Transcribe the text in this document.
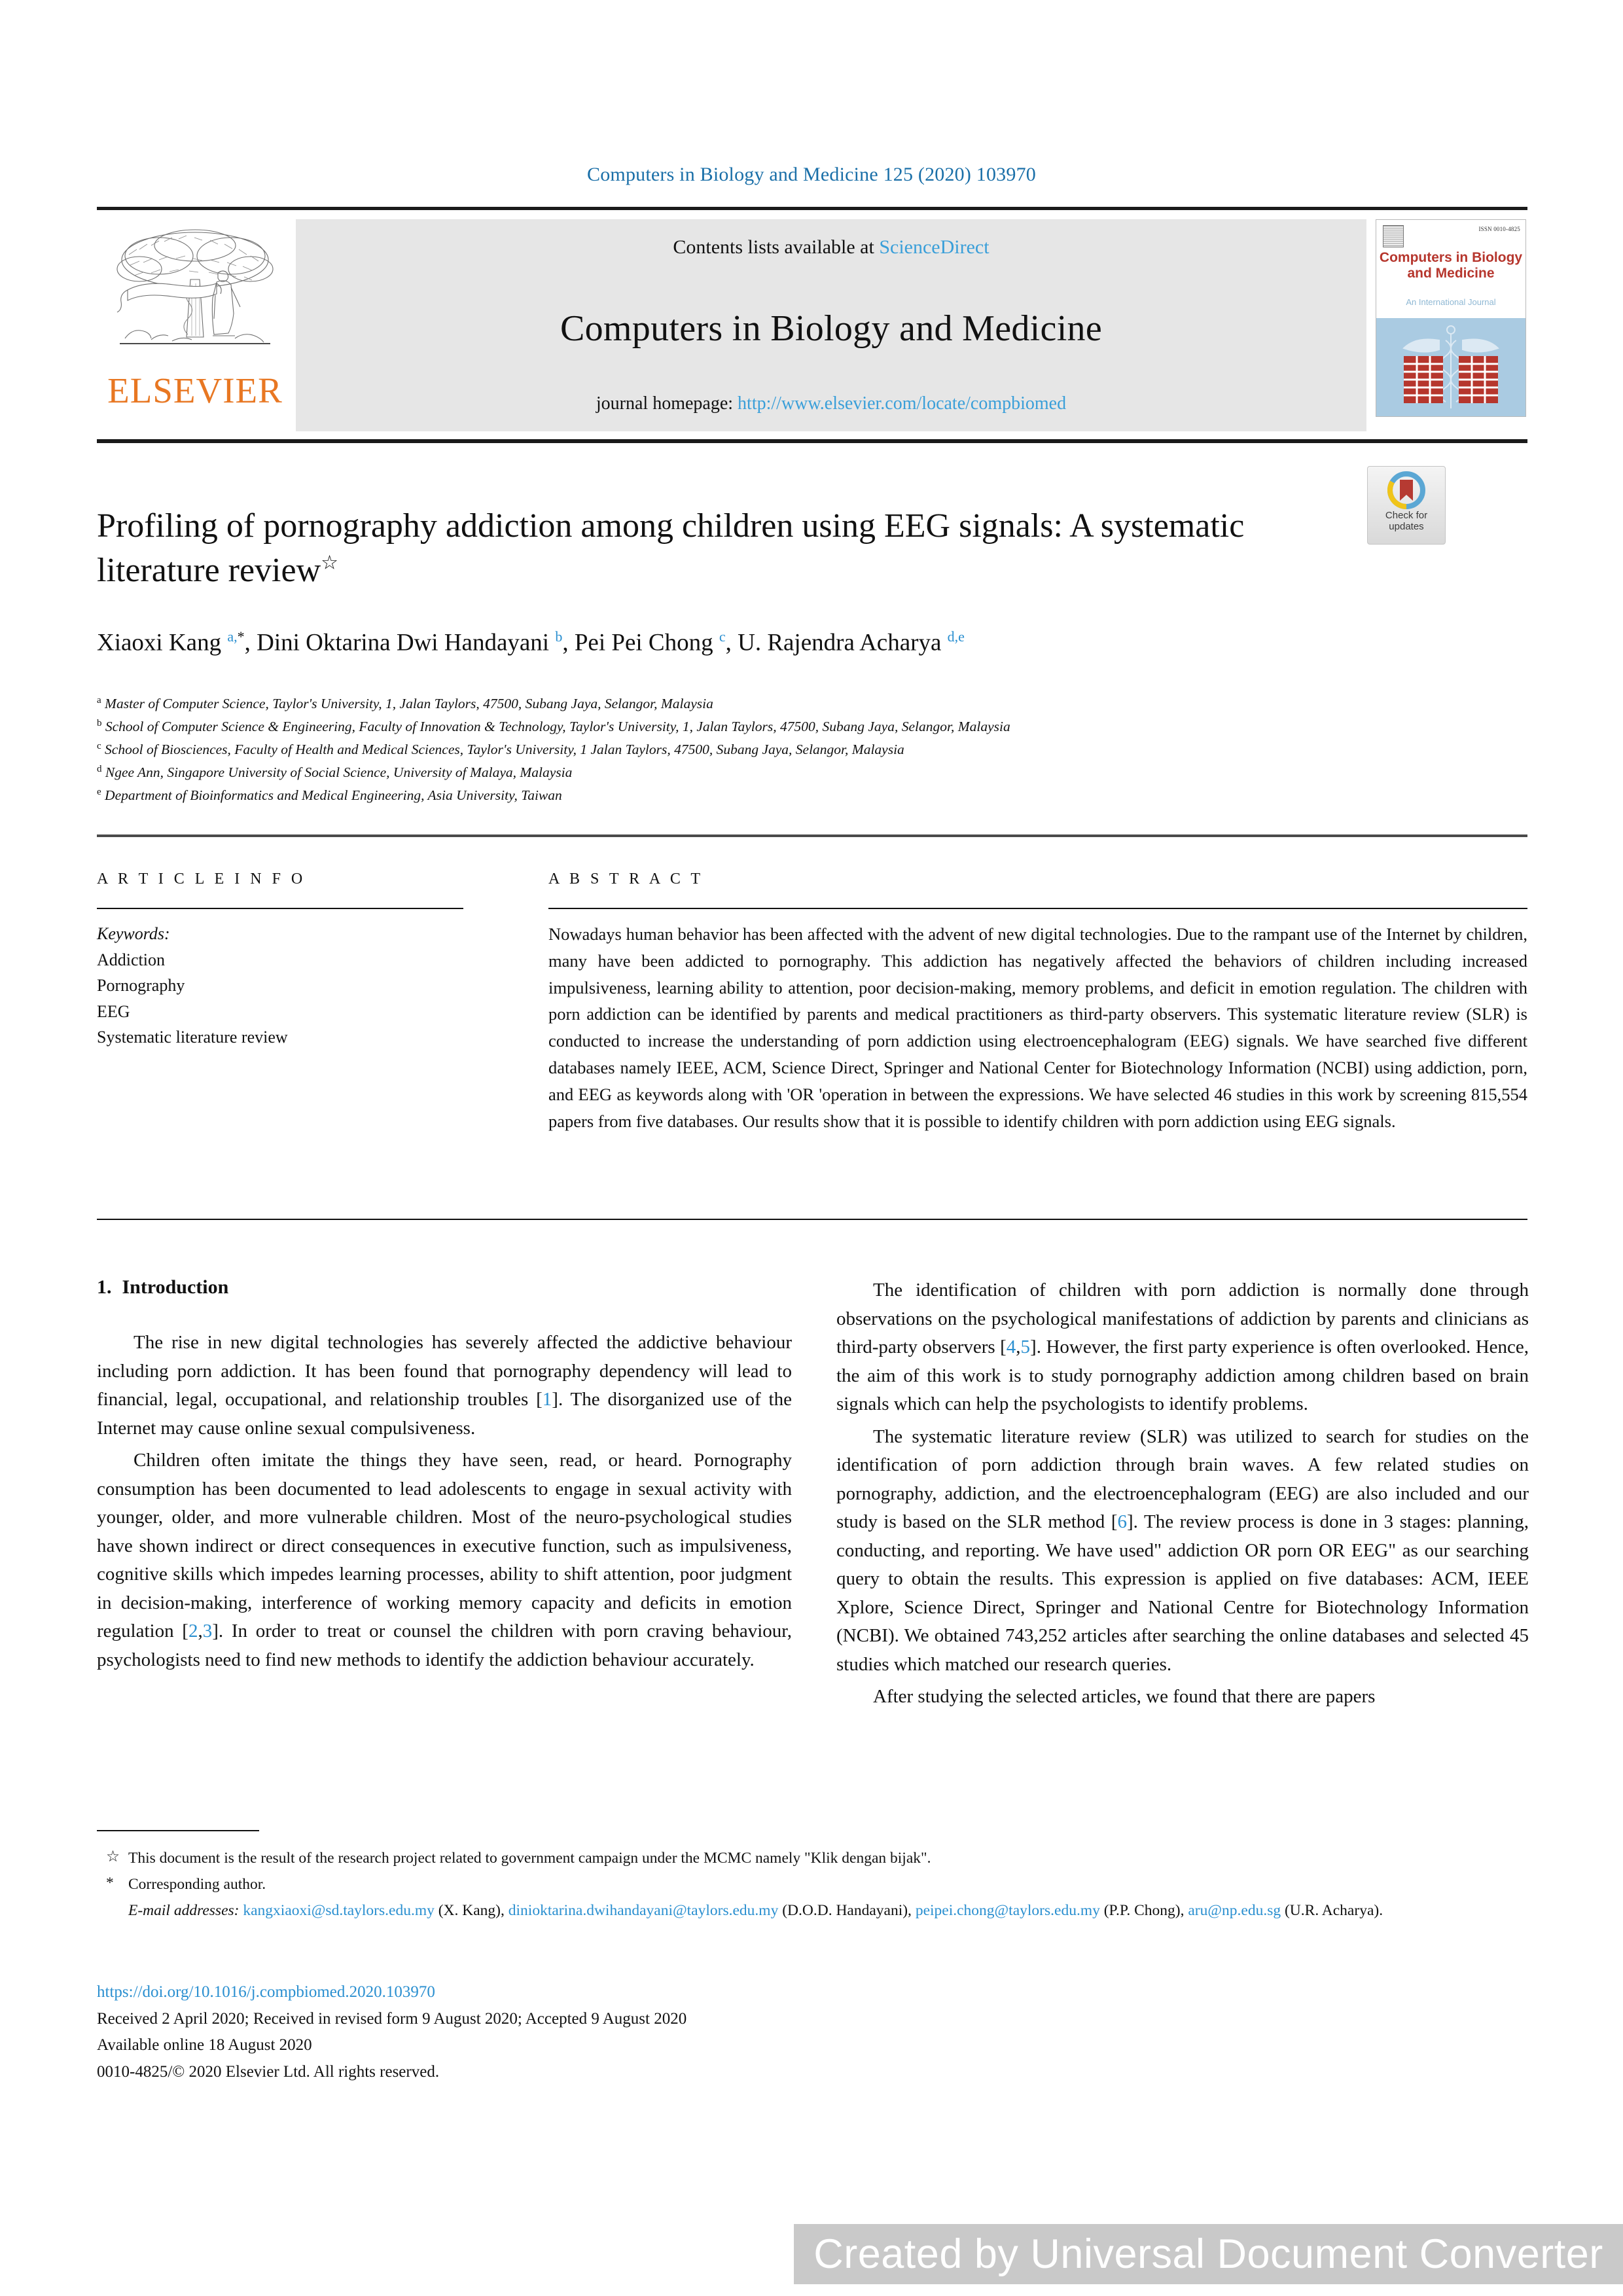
Computers in Biology and Medicine 125 (2020) 103970
ELSEVIER
Contents lists available at ScienceDirect
Computers in Biology and Medicine
journal homepage: http://www.elsevier.com/locate/compbiomed
ISSN 0010-4825
Computers in Biology and Medicine
An International Journal
Check for
updates
Profiling of pornography addiction among children using EEG signals: A systematic literature review☆
Xiaoxi Kang $^{a,*}$, Dini Oktarina Dwi Handayani $^b$, Pei Pei Chong $^c$, U. Rajendra Acharya $^{d,e}$
$^a$ Master of Computer Science, Taylor's University, 1, Jalan Taylors, 47500, Subang Jaya, Selangor, Malaysia
$^b$ School of Computer Science & Engineering, Faculty of Innovation & Technology, Taylor's University, 1, Jalan Taylors, 47500, Subang Jaya, Selangor, Malaysia
$^c$ School of Biosciences, Faculty of Health and Medical Sciences, Taylor's University, 1 Jalan Taylors, 47500, Subang Jaya, Selangor, Malaysia
$^d$ Ngee Ann, Singapore University of Social Science, University of Malaya, Malaysia
$^e$ Department of Bioinformatics and Medical Engineering, Asia University, Taiwan
A R T I C L E I N F O
Keywords:
Addiction
Pornography
EEG
Systematic literature review
A B S T R A C T
Nowadays human behavior has been affected with the advent of new digital technologies. Due to the rampant use of the Internet by children, many have been addicted to pornography. This addiction has negatively affected the behaviors of children including increased impulsiveness, learning ability to attention, poor decision-making, memory problems, and deficit in emotion regulation. The children with porn addiction can be identified by parents and medical practitioners as third-party observers. This systematic literature review (SLR) is conducted to increase the understanding of porn addiction using electroencephalogram (EEG) signals. We have searched five different databases namely IEEE, ACM, Science Direct, Springer and National Center for Biotechnology Information (NCBI) using addiction, porn, and EEG as keywords along with 'OR 'operation in between the expressions. We have selected 46 studies in this work by screening 815,554 papers from five databases. Our results show that it is possible to identify children with porn addiction using EEG signals.
1. Introduction

The rise in new digital technologies has severely affected the addictive behaviour including porn addiction. It has been found that pornography dependency will lead to financial, legal, occupational, and relationship troubles [1]. The disorganized use of the Internet may cause online sexual compulsiveness.

Children often imitate the things they have seen, read, or heard. Pornography consumption has been documented to lead adolescents to engage in sexual activity with younger, older, and more vulnerable children. Most of the neuro-psychological studies have shown indirect or direct consequences in executive function, such as impulsiveness, cognitive skills which impedes learning processes, ability to shift attention, poor judgment in decision-making, interference of working memory capacity and deficits in emotion regulation [2,3]. In order to treat or counsel the children with porn craving behaviour, psychologists need to find new methods to identify the addiction behaviour accurately.

The identification of children with porn addiction is normally done through observations on the psychological manifestations of addiction by parents and clinicians as third-party observers [4,5]. However, the first party experience is often overlooked. Hence, the aim of this work is to study pornography addiction among children based on brain signals which can help the psychologists to identify problems.

The systematic literature review (SLR) was utilized to search for studies on the identification of porn addiction through brain waves. A few related studies on pornography, addiction, and the electroencephalogram (EEG) are also included and our study is based on the SLR method [6]. The review process is done in 3 stages: planning, conducting, and reporting. We have used" addiction OR porn OR EEG" as our searching query to obtain the results. This expression is applied on five databases: ACM, IEEE Xplore, Science Direct, Springer and National Centre for Biotechnology Information (NCBI). We obtained 743,252 articles after searching the online databases and selected 45 studies which matched our research queries.

After studying the selected articles, we found that there are papers

☆ This document is the result of the research project related to government campaign under the MCMC namely "Klik dengan bijak".
* Corresponding author.
E-mail addresses: kangxiaoxi@sd.taylors.edu.my (X. Kang), dinioktarina.dwihandayani@taylors.edu.my (D.O.D. Handayani), peipei.chong@taylors.edu.my (P.P. Chong), aru@np.edu.sg (U.R. Acharya).
https://doi.org/10.1016/j.compbiomed.2020.103970
Received 2 April 2020; Received in revised form 9 August 2020; Accepted 9 August 2020
Available online 18 August 2020
0010-4825/© 2020 Elsevier Ltd. All rights reserved.
Created by Universal Document Converter
